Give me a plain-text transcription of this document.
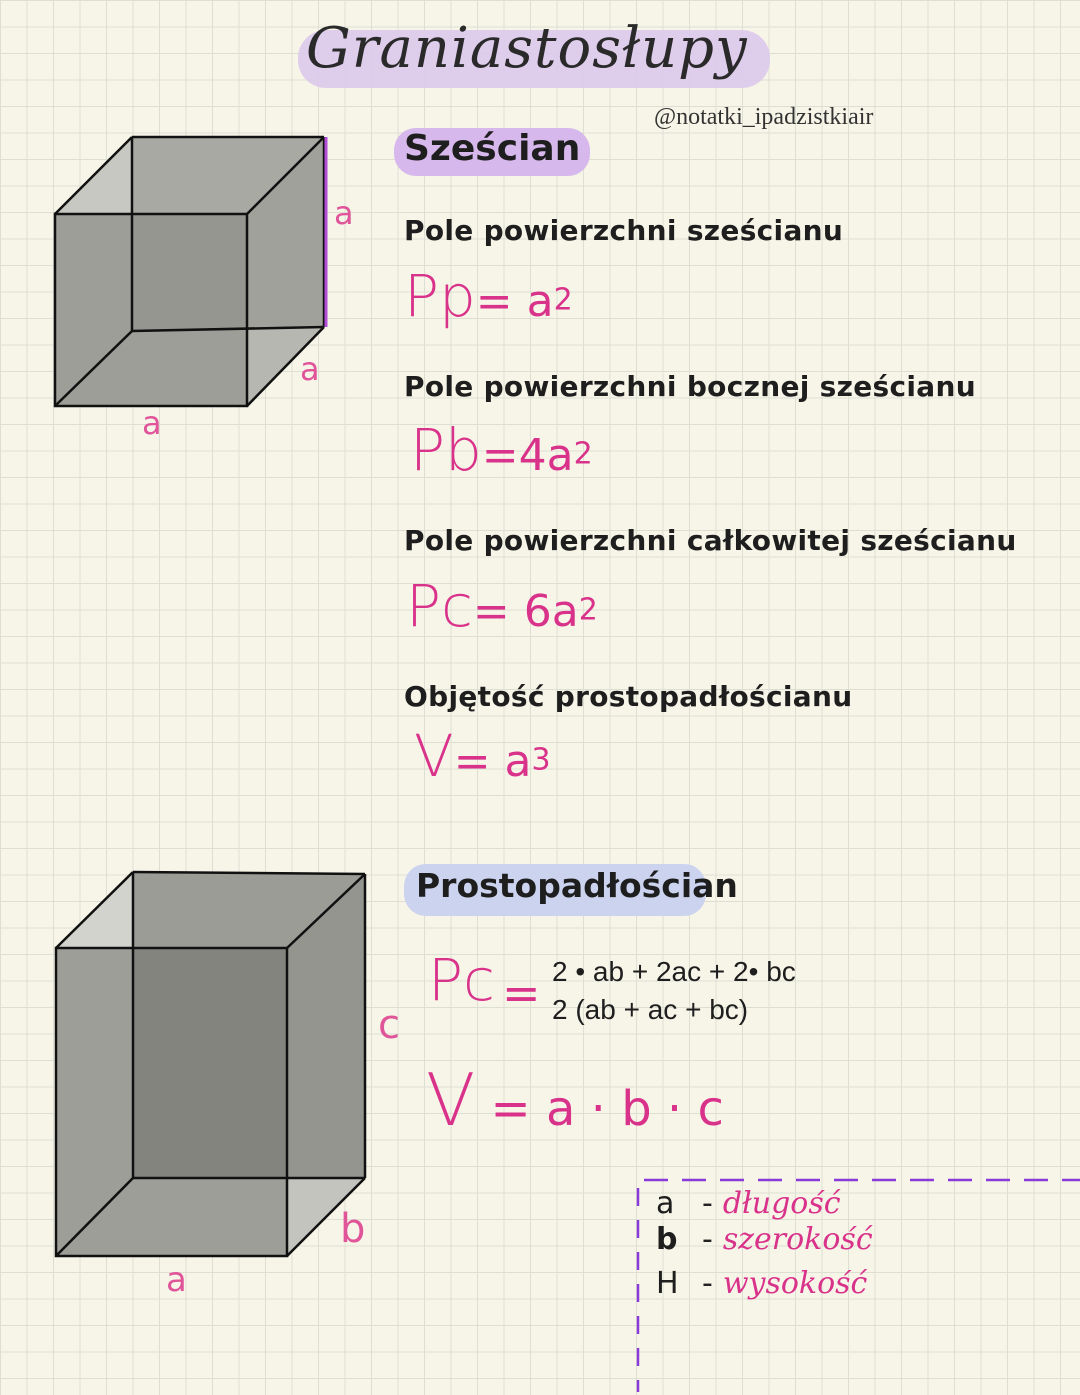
Graniastosłupy
@notatki_ipadzistkiair
a
a
a
Sześcian
Pole powierzchni sześcianu
$Pp= a^2$
Pole powierzchni bocznej sześcianu
$Pb=4a^2$
Pole powierzchni całkowitej sześcianu
$Pc= 6a^2$
Objętość prostopadłościanu
$V= a^3$
c
b
a
Prostopadłościan
Pc = 2 • ab + 2ac + 2• bc
2 (ab + ac + bc)
V = a · b · c
a - długość
b - szerokość
H - wysokość
